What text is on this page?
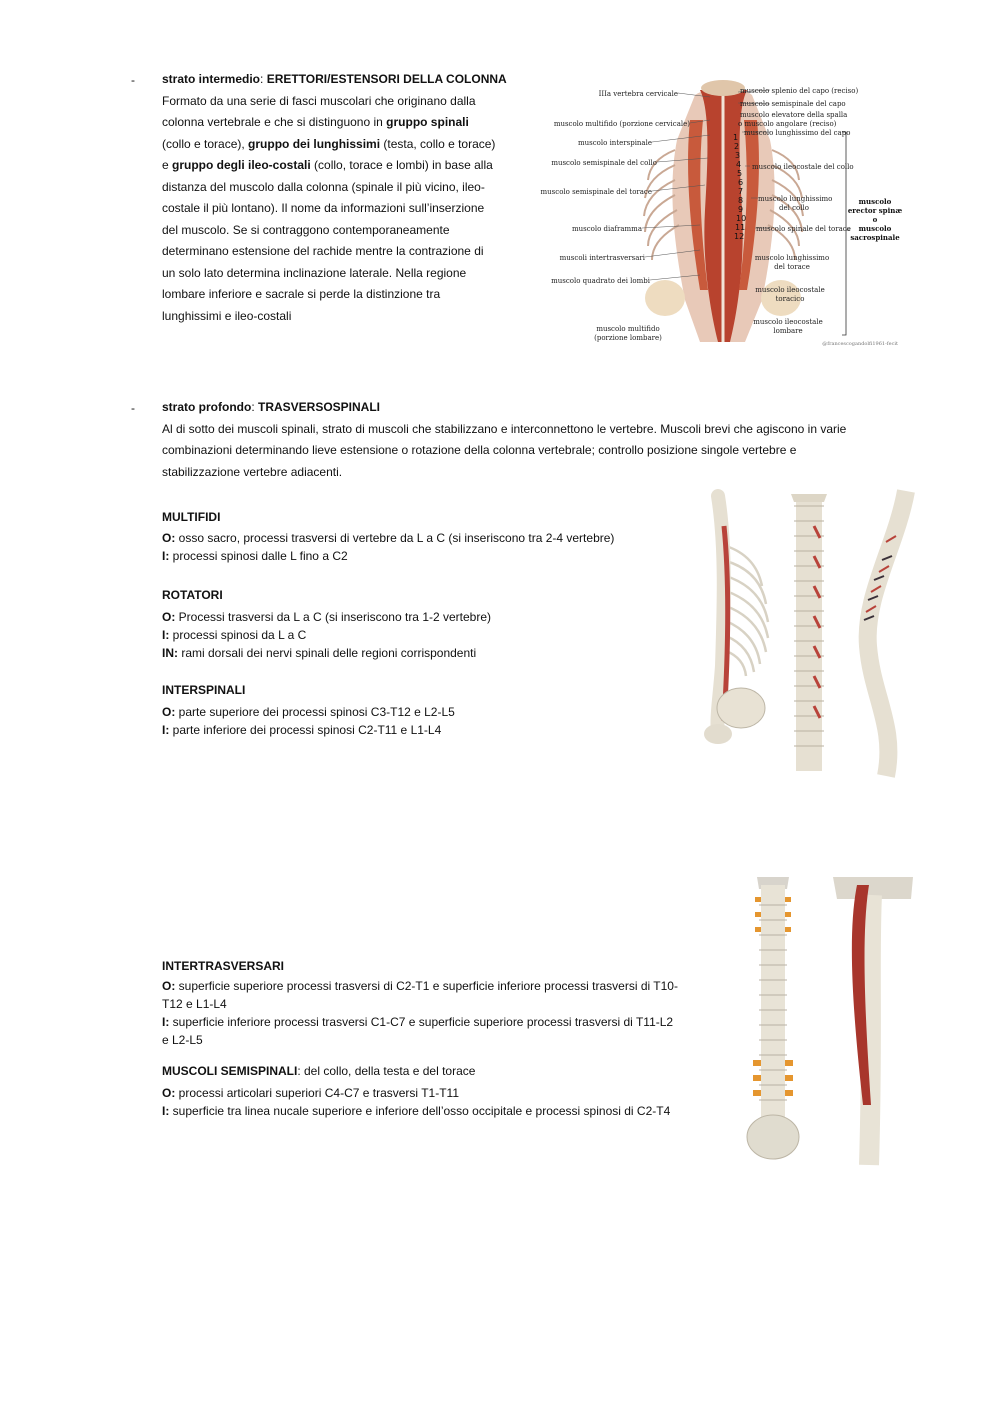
- strato intermedio: ERETTORI/ESTENSORI DELLA COLONNA
Formato da una serie di fasci muscolari che originano dalla
colonna vertebrale e che si distinguono in gruppo spinali
(collo e torace), gruppo dei lunghissimi (testa, collo e torace)
e gruppo degli ileo-costali (collo, torace e lombi) in base alla
distanza del muscolo dalla colonna (spinale il più vicino, ileo-
costale il più lontano). Il nome da informazioni sull’inserzione
del muscolo. Se si contraggono contemporaneamente
determinano estensione del rachide mentre la contrazione di
un solo lato determina inclinazione laterale. Nella regione
lombare inferiore e sacrale si perde la distinzione tra
lunghissimi e ileo-costali
IIIa vertebra cervicale
muscolo multifido (porzione cervicale)
muscolo interspinale
muscolo semispinale del collo
muscolo semispinale del torace
muscolo diaframma
muscoli intertrasversari
muscolo quadrato dei lombi
muscolo multifido
(porzione lombare)
muscolo splenio del capo (reciso)
muscolo semispinale del capo
muscolo elevatore della spalla
o muscolo angolare (reciso)
muscolo lunghissimo del capo
muscolo ileocostale del collo
muscolo lunghissimo
del collo
muscolo spinale del torace
muscolo lunghissimo
del torace
muscolo ileocostale
toracico
muscolo ileocostale
lombare
1
2
3
4
5
6
7
8
9
10
11
12
muscolo
erector spinæ
o
muscolo
sacrospinale
@francescogandolfi1961-fecit
- strato profondo: TRASVERSOSPINALI
Al di sotto dei muscoli spinali, strato di muscoli che stabilizzano e interconnettono le vertebre. Muscoli brevi che agiscono in varie
combinazioni determinando lieve estensione o rotazione della colonna vertebrale; controllo posizione singole vertebre e
stabilizzazione vertebre adiacenti.
MULTIFIDI
O: osso sacro, processi trasversi di vertebre da L a C (si inseriscono tra 2-4 vertebre)
I: processi spinosi dalle L fino a C2
ROTATORI
O: Processi trasversi da L a C (si inseriscono tra 1-2 vertebre)
I: processi spinosi da L a C
IN: rami dorsali dei nervi spinali delle regioni corrispondenti
INTERSPINALI
O: parte superiore dei processi spinosi C3-T12 e L2-L5
I: parte inferiore dei processi spinosi C2-T11 e L1-L4
INTERTRASVERSARI
O: superficie superiore processi trasversi di C2-T1 e superficie inferiore processi trasversi di T10-
T12 e L1-L4
I: superficie inferiore processi trasversi C1-C7 e superficie superiore processi trasversi di T11-L2
e L2-L5
MUSCOLI SEMISPINALI: del collo, della testa e del torace
O: processi articolari superiori C4-C7 e trasversi T1-T11
I: superficie tra linea nucale superiore e inferiore dell’osso occipitale e processi spinosi di C2-T4
